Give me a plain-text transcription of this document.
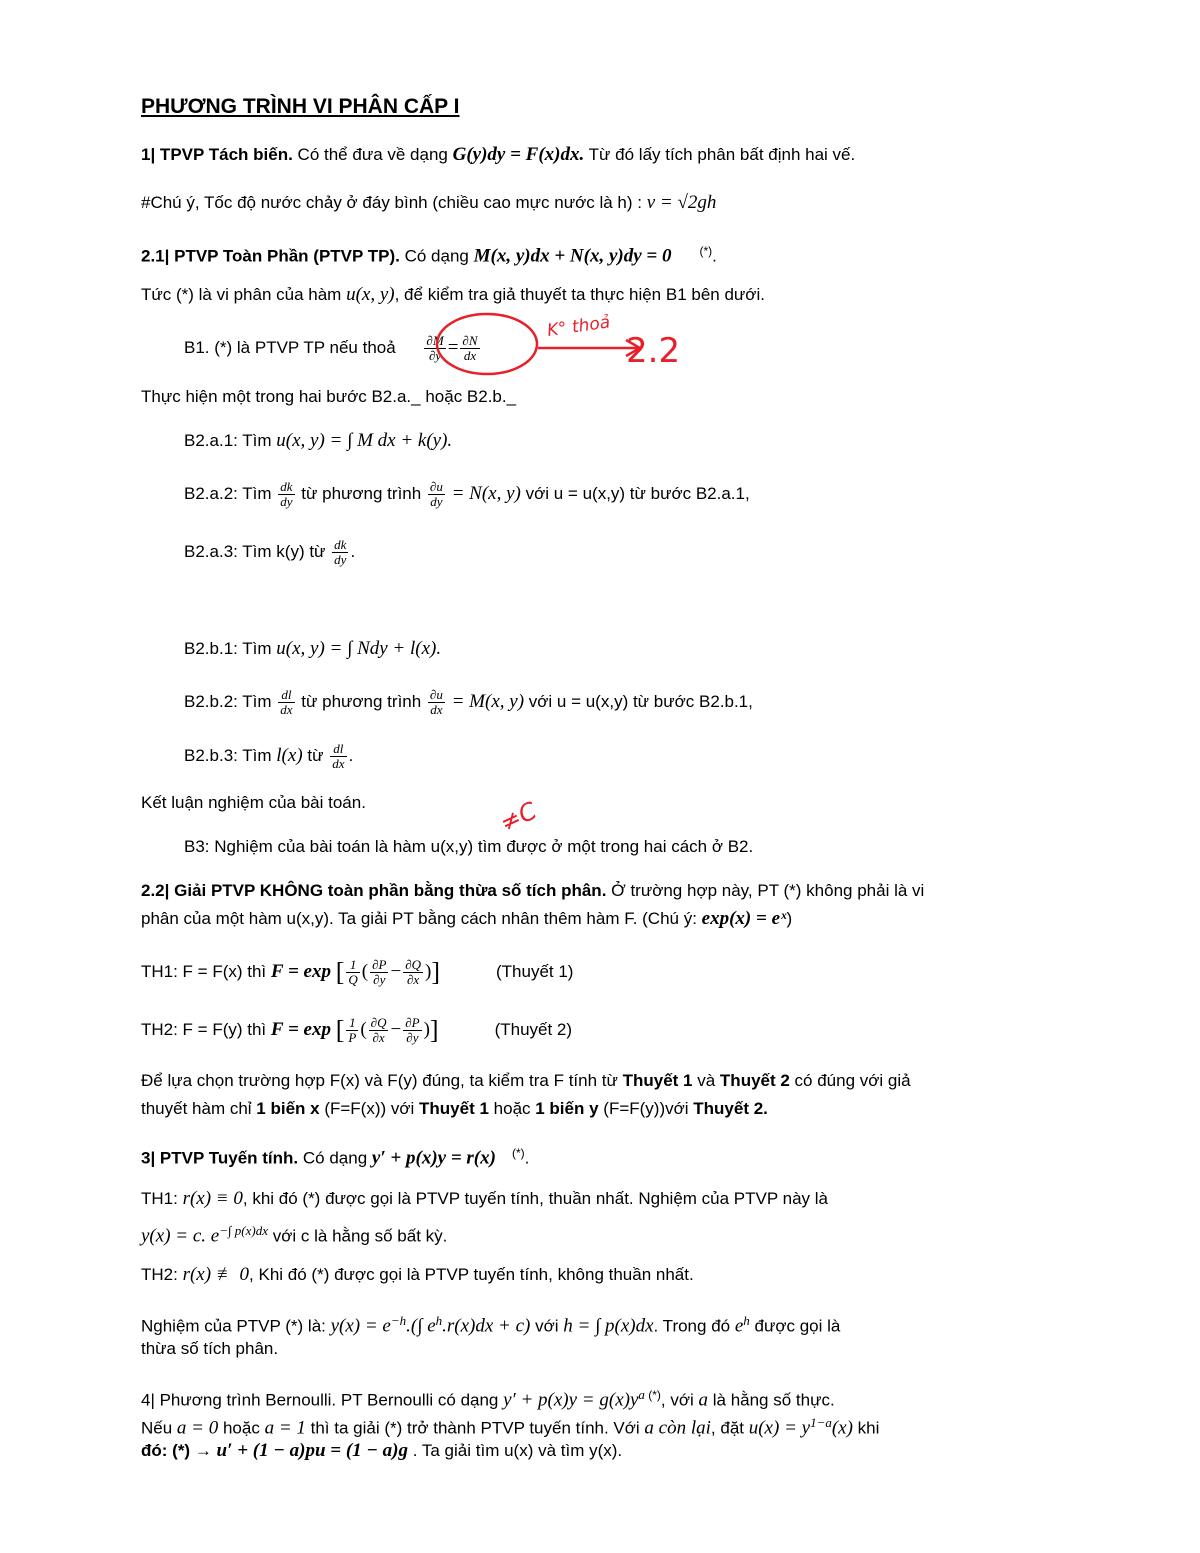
PHƯƠNG TRÌNH VI PHÂN CẤP I
1| TPVP Tách biến. Có thể đưa về dạng G(y)dy = F(x)dx. Từ đó lấy tích phân bất định hai vế.
#Chú ý, Tốc độ nước chảy ở đáy bình (chiều cao mực nước là h) : v = √2gh
2.1| PTVP Toàn Phần (PTVP TP). Có dạng M(x, y)dx + N(x, y)dy = 0 (*).
Tức (*) là vi phân của hàm u(x, y), để kiểm tra giả thuyết ta thực hiện B1 bên dưới.
B1. (*) là PTVP TP nếu thoả $\frac{\partial M}{\partial y} = \frac{\partial N}{dx}$
K° thoả
2.2
≠C
Thực hiện một trong hai bước B2.a._ hoặc B2.b._
B2.a.1: Tìm u(x, y) = ∫ M dx + k(y).
B2.a.2: Tìm $\frac{dk}{dy}$ từ phương trình $\frac{\partial u}{dy} = N(x$, y) với u = u(x,y) từ bước B2.a.1,
B2.a.3: Tìm k(y) từ $\frac{dk}{dy}$ .
B2.b.1: Tìm u(x, y) = ∫ Ndy + l(x).
B2.b.2: Tìm $\frac{dl}{dx}$ từ phương trình $\frac{\partial u}{dx} = M(x$, y) với u = u(x,y) từ bước B2.b.1,
B2.b.3: Tìm l(x) từ $\frac{dl}{dx}$ .
Kết luận nghiệm của bài toán.
B3: Nghiệm của bài toán là hàm u(x,y) tìm được ở một trong hai cách ở B2.
2.2| Giải PTVP KHÔNG toàn phần bằng thừa số tích phân. Ở trường hợp này, PT (*) không phải là vi
phân của một hàm u(x,y). Ta giải PT bằng cách nhân thêm hàm F. (Chú ý: exp(x) = eˣ)
TH1: F = F(x) thì F = exp [ $\frac{1}{Q}$ ( $\frac{\partial P}{\partial y} - \frac{\partial Q}{\partial x}$ )]	(Thuyết 1)
TH2: F = F(y) thì F = exp [ $\frac{1}{P}$ ( $\frac{\partial Q}{\partial x} - \frac{\partial P}{\partial y}$ )]	(Thuyết 2)
Để lựa chọn trường hợp F(x) và F(y) đúng, ta kiểm tra F tính từ Thuyết 1 và Thuyết 2 có đúng với giả
thuyết hàm chỉ 1 biến x (F=F(x)) với Thuyết 1 hoặc 1 biến y (F=F(y))với Thuyết 2.
3| PTVP Tuyến tính. Có dạng y′ + p(x)y = r(x) (*).
TH1: r(x) ≡ 0, khi đó (*) được gọi là PTVP tuyến tính, thuần nhất. Nghiệm của PTVP này là
y(x) = c. $e^{-\int p(x)dx}$ với c là hằng số bất kỳ.
TH2: r(x) ≢ 0, Khi đó (*) được gọi là PTVP tuyến tính, không thuần nhất.
Nghiệm của PTVP (*) là: $y(x) = e^{-h}.(\int$ $e^h.r(x)dx + c$) với h = ∫ p(x)dx. Trong đó $e^h$ được gọi là
thừa số tích phân.
4| Phương trình Bernoulli. PT Bernoulli có dạng $y' + p(x)y = g(x)y^a$ (*), với a là hằng số thực.
Nếu a = 0 hoặc a = 1 thì ta giải (*) trở thành PTVP tuyến tính. Với a còn lại, đặt $u(x) = y^{1-a}(x)$ khi
đó: (*) → u′ + (1 − a)pu = (1 − a)g . Ta giải tìm u(x) và tìm y(x).
